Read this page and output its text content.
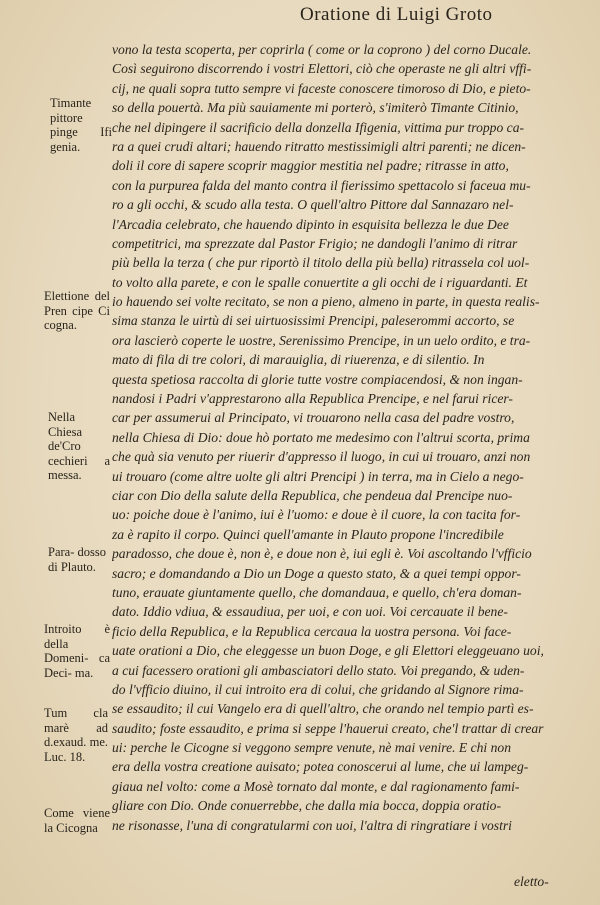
Oratione di Luigi Groto
vono la testa scoperta, per coprirla ( come or la coprono ) del corno Ducale.
Così seguirono discorrendo i vostri Elettori, ciò che operaste ne gli altri vffi-
cij, ne quali sopra tutto sempre vi faceste conoscere timoroso di Dio, e pieto-
so della pouertà. Ma più sauiamente mi porterò, s'imiterò Timante Citinio,
che nel dipingere il sacrificio della donzella Ifigenia, vittima pur troppo ca-
ra a quei crudi altari; hauendo ritratto mestissimigli altri parenti; ne dicen-
doli il core di sapere scoprir maggior mestitia nel padre; ritrasse in atto,
con la purpurea falda del manto contra il fierissimo spettacolo si faceua mu-
ro a gli occhi, & scudo alla testa. O quell'altro Pittore dal Sannazaro nel-
l'Arcadia celebrato, che hauendo dipinto in esquisita bellezza le due Dee
competitrici, ma sprezzate dal Pastor Frigio; ne dandogli l'animo di ritrar
più bella la terza ( che pur riportò il titolo della più bella) ritrassela col uol-
to volto alla parete, e con le spalle conuertite a gli occhi de i riguardanti. Et
io hauendo sei volte recitato, se non a pieno, almeno in parte, in questa realis-
sima stanza le uirtù di sei uirtuosissimi Prencipi, paleserommi accorto, se
ora lascierò coperte le uostre, Serenissimo Prencipe, in un uelo ordito, e tra-
mato di fila di tre colori, di marauiglia, di riuerenza, e di silentio. In
questa spetiosa raccolta di glorie tutte vostre compiacendosi, & non ingan-
nandosi i Padri v'apprestarono alla Republica Prencipe, e nel farui ricer-
car per assumerui al Principato, vi trouarono nella casa del padre vostro,
nella Chiesa di Dio: doue hò portato me medesimo con l'altrui scorta, prima
che quà sia venuto per riuerir d'appresso il luogo, in cui ui trouaro, anzi non
ui trouaro (come altre uolte gli altri Prencipi ) in terra, ma in Cielo a nego-
ciar con Dio della salute della Republica, che pendeua dal Prencipe nuo-
uo: poiche doue è l'animo, iui è l'uomo: e doue è il cuore, la con tacita for-
za è rapito il corpo. Quinci quell'amante in Plauto propone l'incredibile
paradosso, che doue è, non è, e doue non è, iui egli è. Voi ascoltando l'vfficio
sacro; e domandando a Dio un Doge a questo stato, & a quei tempi oppor-
tuno, erauate giuntamente quello, che domandaua, e quello, ch'era doman-
dato. Iddio vdiua, & essaudiua, per uoi, e con uoi. Voi cercauate il bene-
ficio della Republica, e la Republica cercaua la uostra persona. Voi face-
uate orationi a Dio, che eleggesse un buon Doge, e gli Elettori eleggeuano uoi,
a cui facessero orationi gli ambasciatori dello stato. Voi pregando, & uden-
do l'vfficio diuino, il cui introito era di colui, che gridando al Signore rima-
se essaudito; il cui Vangelo era di quell'altro, che orando nel tempio partì es-
saudito; foste essaudito, e prima si seppe l'hauerui creato, che'l trattar di crear
ui: perche le Cicogne si veggono sempre venute, nè mai venire. E chi non
era della vostra creatione auisato; potea conoscerui al lume, che ui lampeg-
giaua nel volto: come a Mosè tornato dal monte, e dal ragionamento fami-
gliare con Dio. Onde conuerrebbe, che dalla mia bocca, doppia oratio-
ne risonasse, l'una di congratularmi con uoi, l'altra di ringratiare i vostri
Timante pittore pinge Ifi genia.
Elettione del Pren cipe Ci cogna.
Nella Chiesa de'Cro cechieri a messa.
Para- dosso di Plauto.
Introito è della Domeni- ca Deci- ma.
Tum cla marè ad d.exaud. me. Luc. 18.
Come viene la Cicogna
eletto-
